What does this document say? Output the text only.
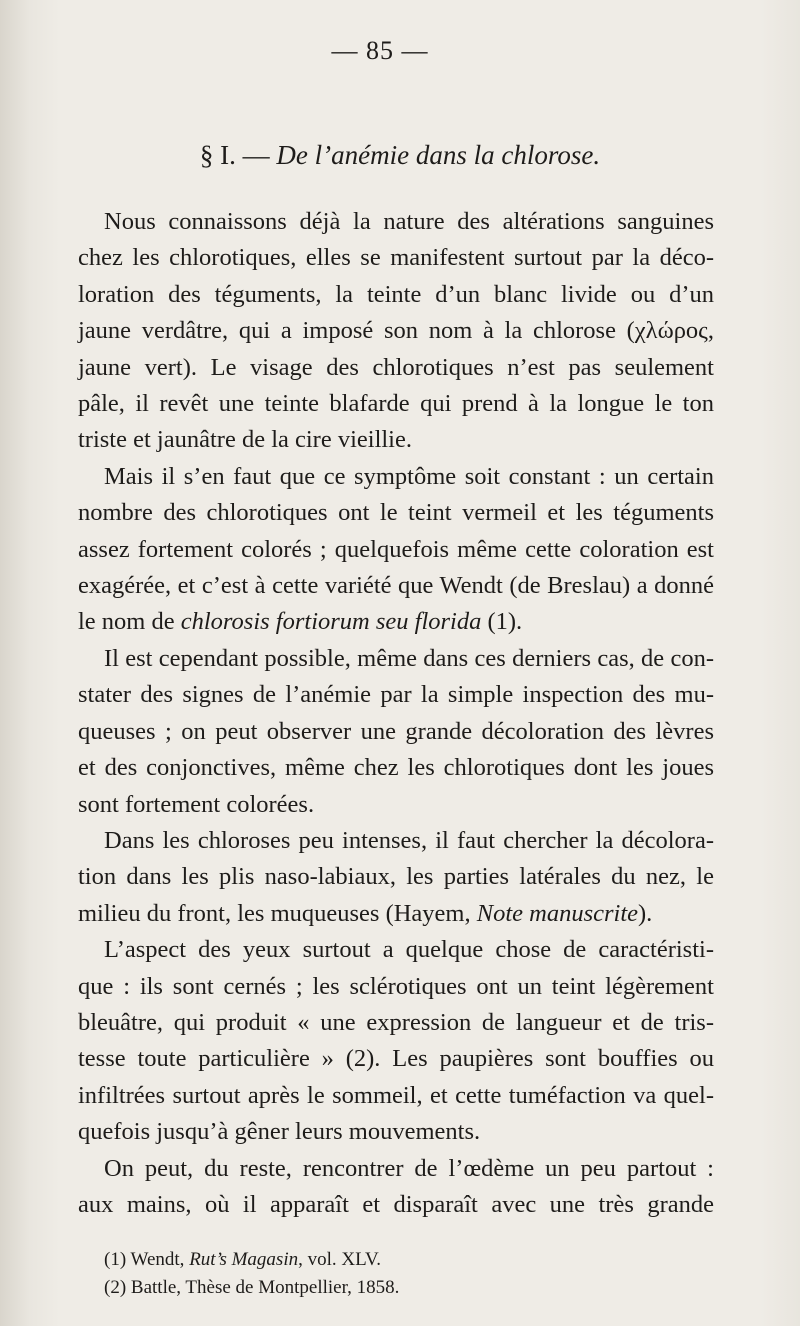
— 85 —
§ I. — De l’anémie dans la chlorose.
Nous connaissons déjà la nature des altérations sanguines
chez les chlorotiques, elles se manifestent surtout par la déco-
loration des téguments, la teinte d’un blanc livide ou d’un
jaune verdâtre, qui a imposé son nom à la chlorose (χλώρος,
jaune vert). Le visage des chlorotiques n’est pas seulement
pâle, il revêt une teinte blafarde qui prend à la longue le ton
triste et jaunâtre de la cire vieillie.
Mais il s’en faut que ce symptôme soit constant : un certain
nombre des chlorotiques ont le teint vermeil et les téguments
assez fortement colorés ; quelquefois même cette coloration est
exagérée, et c’est à cette variété que Wendt (de Breslau) a donné
le nom de chlorosis fortiorum seu florida (1).
Il est cependant possible, même dans ces derniers cas, de con-
stater des signes de l’anémie par la simple inspection des mu-
queuses ; on peut observer une grande décoloration des lèvres
et des conjonctives, même chez les chlorotiques dont les joues
sont fortement colorées.
Dans les chloroses peu intenses, il faut chercher la décolora-
tion dans les plis naso-labiaux, les parties latérales du nez, le
milieu du front, les muqueuses (Hayem, Note manuscrite).
L’aspect des yeux surtout a quelque chose de caractéristi-
que : ils sont cernés ; les sclérotiques ont un teint légèrement
bleuâtre, qui produit « une expression de langueur et de tris-
tesse toute particulière » (2). Les paupières sont bouffies ou
infiltrées surtout après le sommeil, et cette tuméfaction va quel-
quefois jusqu’à gêner leurs mouvements.
On peut, du reste, rencontrer de l’œdème un peu partout :
aux mains, où il apparaît et disparaît avec une très grande
(1) Wendt, Rut’s Magasin, vol. XLV.
(2) Battle, Thèse de Montpellier, 1858.
